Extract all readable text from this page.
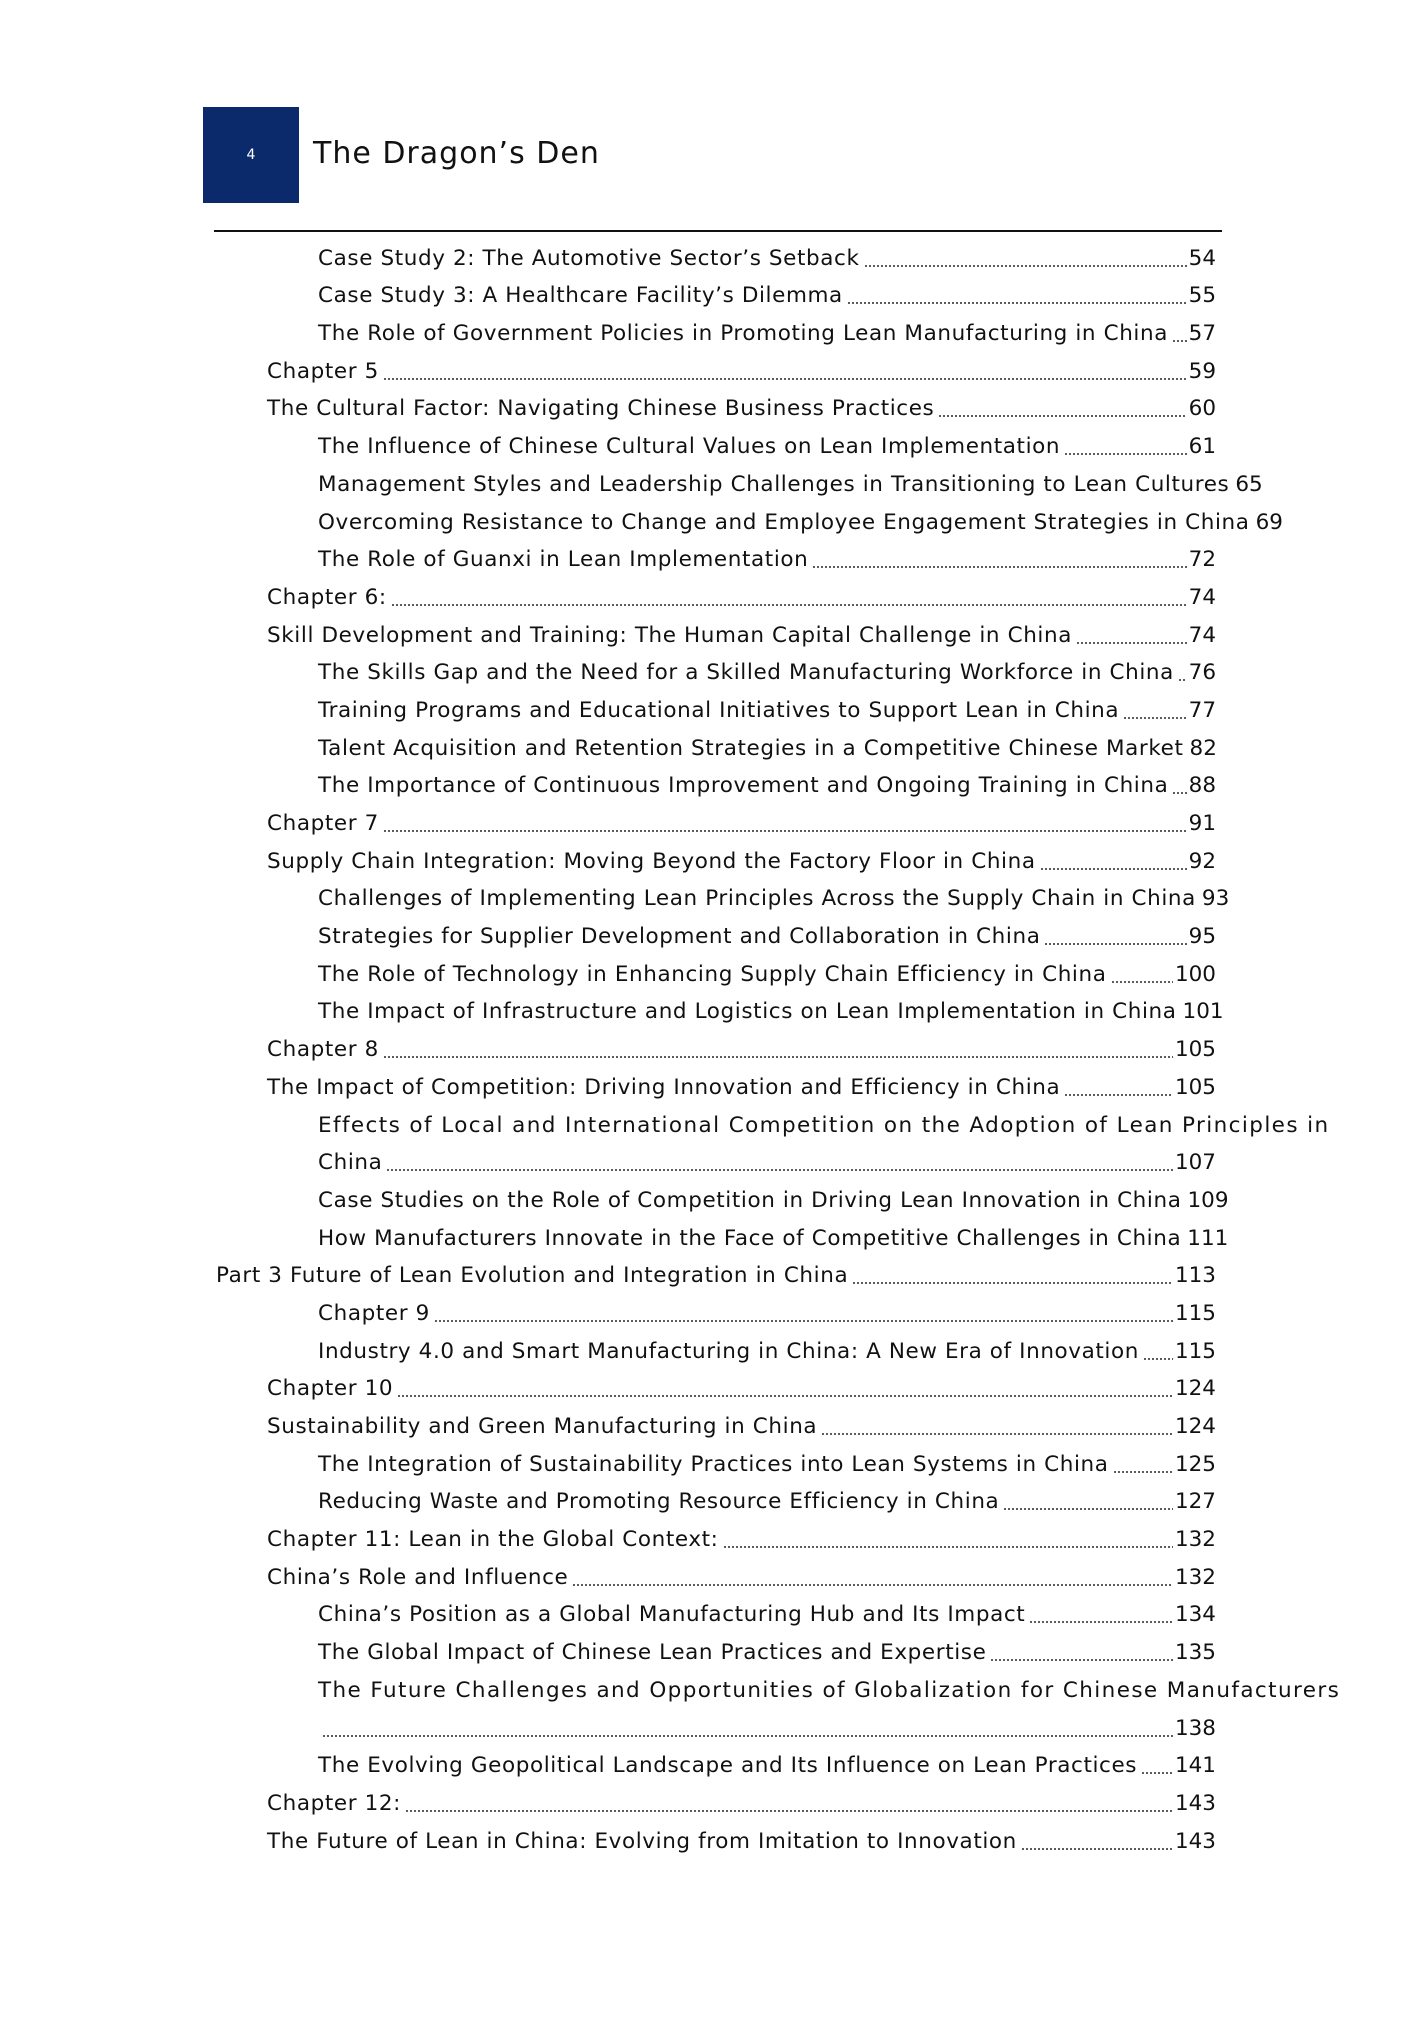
4 The Dragon’s Den
Case Study 2: The Automotive Sector’s Setback	54
Case Study 3: A Healthcare Facility’s Dilemma	55
The Role of Government Policies in Promoting Lean Manufacturing in China 57
Chapter 5	59
The Cultural Factor: Navigating Chinese Business Practices	60
The Influence of Chinese Cultural Values on Lean Implementation	61
Management Styles and Leadership Challenges in Transitioning to Lean Cultures 65
Overcoming Resistance to Change and Employee Engagement Strategies in China 69
The Role of Guanxi in Lean Implementation	72
Chapter 6:	74
Skill Development and Training: The Human Capital Challenge in China	74
The Skills Gap and the Need for a Skilled Manufacturing Workforce in China 76
Training Programs and Educational Initiatives to Support Lean in China	77
Talent Acquisition and Retention Strategies in a Competitive Chinese Market 82
The Importance of Continuous Improvement and Ongoing Training in China 88
Chapter 7	91
Supply Chain Integration: Moving Beyond the Factory Floor in China	92
Challenges of Implementing Lean Principles Across the Supply Chain in China 93
Strategies for Supplier Development and Collaboration in China	95
The Role of Technology in Enhancing Supply Chain Efficiency in China	100
The Impact of Infrastructure and Logistics on Lean Implementation in China 101
Chapter 8	105
The Impact of Competition: Driving Innovation and Efficiency in China	105
Effects of Local and International Competition on the Adoption of Lean Principles in
China	107
Case Studies on the Role of Competition in Driving Lean Innovation in China 109
How Manufacturers Innovate in the Face of Competitive Challenges in China 111
Part 3 Future of Lean Evolution and Integration in China	113
Chapter 9	115
Industry 4.0 and Smart Manufacturing in China: A New Era of Innovation 115
Chapter 10	124
Sustainability and Green Manufacturing in China	124
The Integration of Sustainability Practices into Lean Systems in China	125
Reducing Waste and Promoting Resource Efficiency in China	127
Chapter 11: Lean in the Global Context:	132
China’s Role and Influence	132
China’s Position as a Global Manufacturing Hub and Its Impact	134
The Global Impact of Chinese Lean Practices and Expertise	135
The Future Challenges and Opportunities of Globalization for Chinese Manufacturers
138
The Evolving Geopolitical Landscape and Its Influence on Lean Practices 141
Chapter 12:	143
The Future of Lean in China: Evolving from Imitation to Innovation	143
